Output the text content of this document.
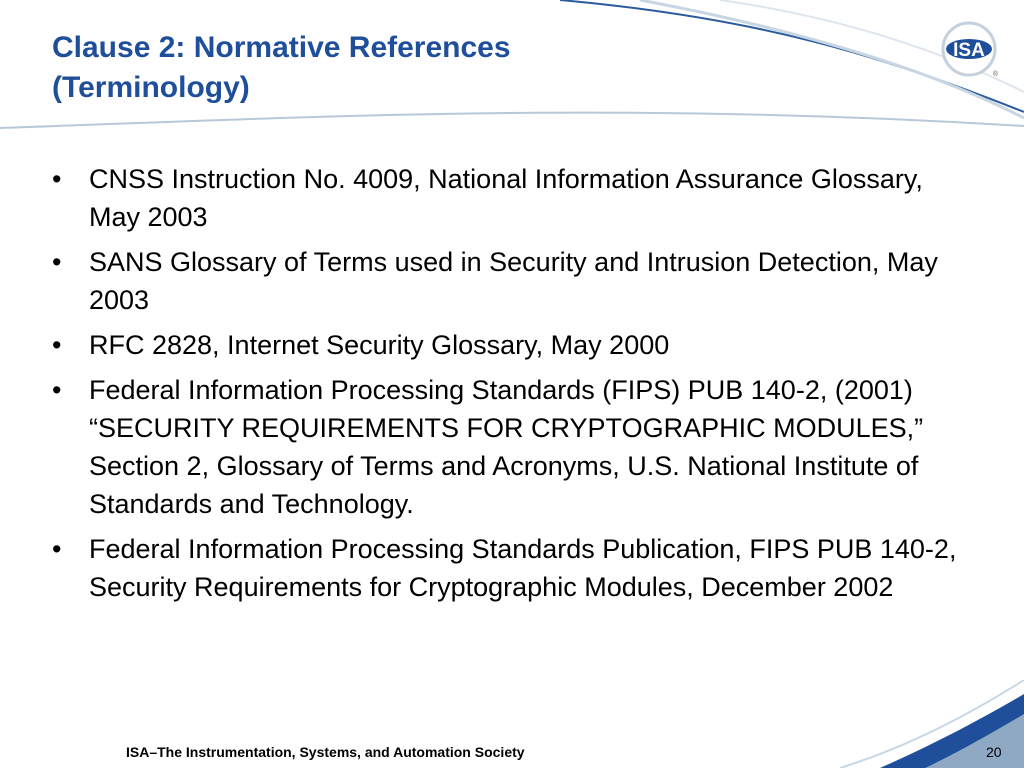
Clause 2: Normative References
(Terminology)
ISA
®
• CNSS Instruction No. 4009, National Information Assurance Glossary, May 2003
• SANS Glossary of Terms used in Security and Intrusion Detection, May 2003
• RFC 2828, Internet Security Glossary, May 2000
• Federal Information Processing Standards (FIPS) PUB 140-2, (2001) “SECURITY REQUIREMENTS FOR CRYPTOGRAPHIC MODULES,” Section 2, Glossary of Terms and Acronyms, U.S. National Institute of Standards and Technology.
• Federal Information Processing Standards Publication, FIPS PUB 140-2, Security Requirements for Cryptographic Modules, December 2002
ISA–The Instrumentation, Systems, and Automation Society	20
